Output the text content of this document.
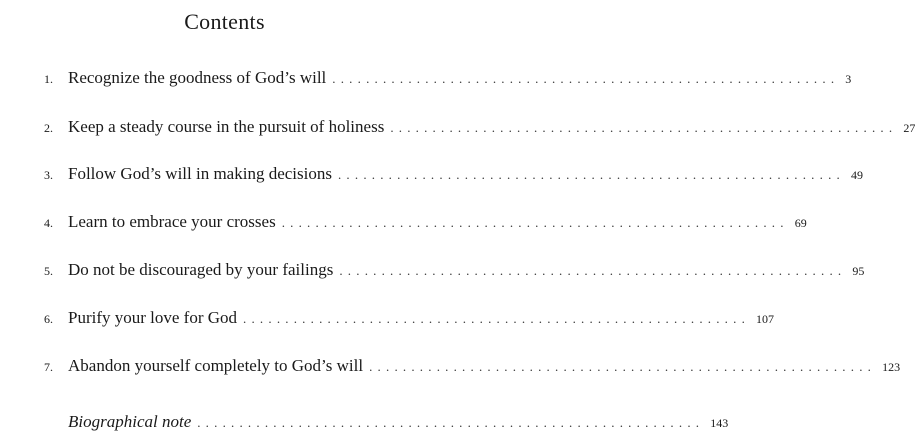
Contents
1. Recognize the goodness of God’s will ............................................................ 3
2. Keep a steady course in the pursuit of holiness ............................................................ 27
3. Follow God’s will in making decisions ............................................................ 49
4. Learn to embrace your crosses ............................................................ 69
5. Do not be discouraged by your failings ............................................................ 95
6. Purify your love for God ............................................................ 107
7. Abandon yourself completely to God’s will ............................................................ 123
Biographical note ............................................................ 143
